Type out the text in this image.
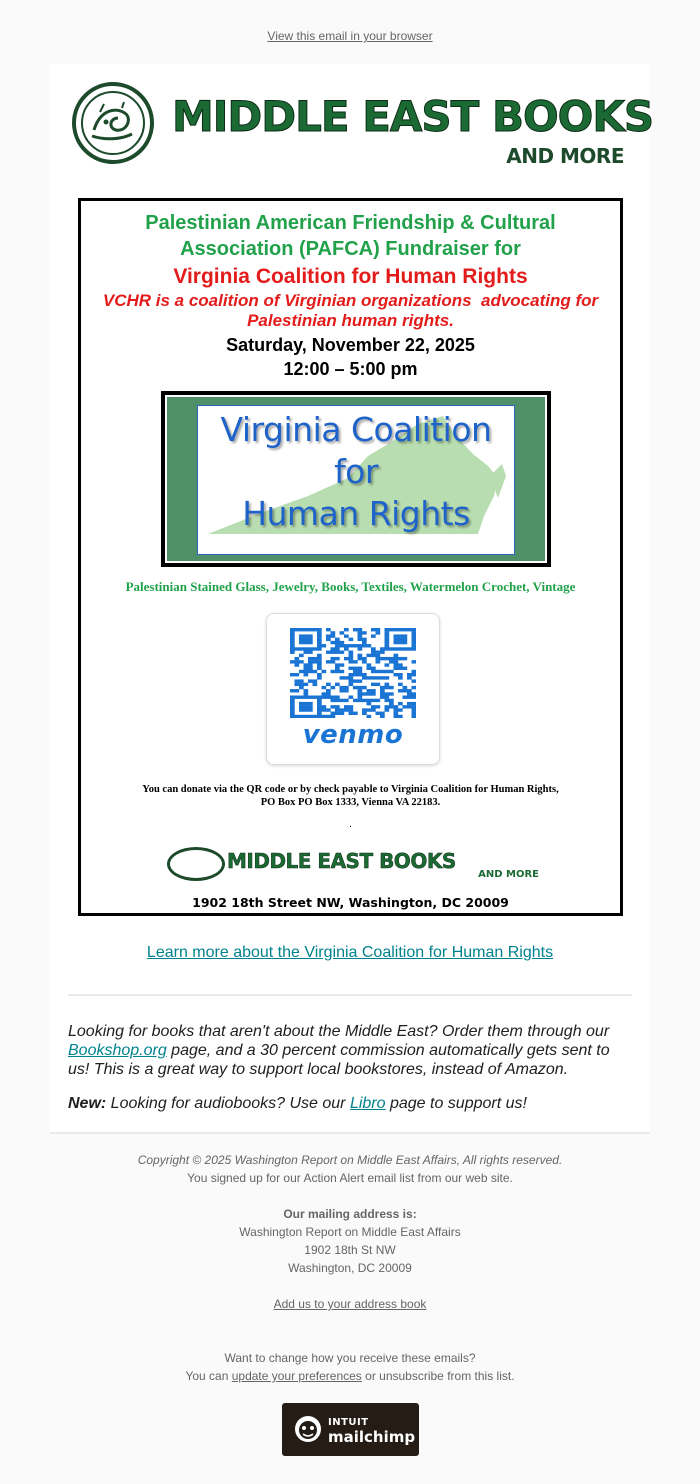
View this email in your browser
MIDDLE EAST BOOKS
AND MORE
Palestinian American Friendship & Cultural
Association (PAFCA) Fundraiser for
Virginia Coalition for Human Rights
VCHR is a coalition of Virginian organizations  advocating for
Palestinian human rights.
Saturday, November 22, 2025
12:00 – 5:00 pm
Virginia Coalition
for
Human Rights
Palestinian Stained Glass, Jewelry, Books, Textiles, Watermelon Crochet, Vintage
venmo
You can donate via the QR code or by check payable to Virginia Coalition for Human Rights,
PO Box PO Box 1333, Vienna VA 22183.
.
MIDDLE EAST BOOKS
AND MORE
1902 18th Street NW, Washington, DC 20009
Learn more about the Virginia Coalition for Human Rights
Looking for books that aren't about the Middle East? Order them through our Bookshop.org page, and a 30 percent commission automatically gets sent to us! This is a great way to support local bookstores, instead of Amazon.
New: Looking for audiobooks? Use our Libro page to support us!
Copyright © 2025 Washington Report on Middle East Affairs, All rights reserved.
You signed up for our Action Alert email list from our web site.
Our mailing address is:
Washington Report on Middle East Affairs
1902 18th St NW
Washington, DC 20009
Add us to your address book
Want to change how you receive these emails?
You can update your preferences or unsubscribe from this list.
INTUIT
mailchimp
